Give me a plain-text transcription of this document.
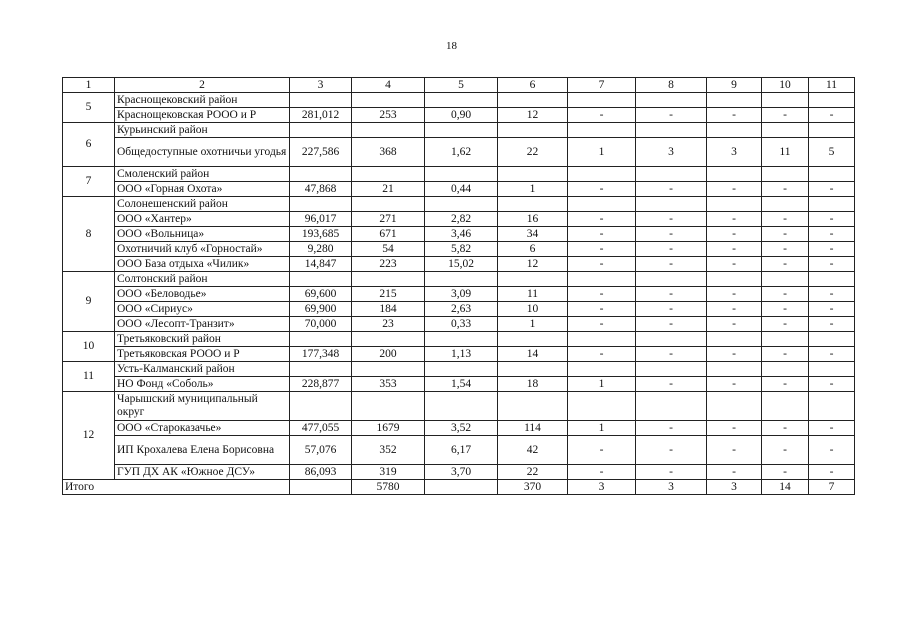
18
1	2	3	4	5	6	7	8	9	10	11
5	Краснощековский район									
	Краснощековская РОOO и Р	281,012	253	0,90	12	-	-	-	-	-
6	Курьинский район									
	Общедоступные охотничьи угодья	227,586	368	1,62	22	1	3	3	11	5
7	Смоленский район									
	ООО «Горная Охота»	47,868	21	0,44	1	-	-	-	-	-
8	Солонешенский район									
	ООО «Хантер»	96,017	271	2,82	16	-	-	-	-	-
	ООО «Вольница»	193,685	671	3,46	34	-	-	-	-	-
	Охотничий клуб «Горностай»	9,280	54	5,82	6	-	-	-	-	-
	ООО База отдыха «Чилик»	14,847	223	15,02	12	-	-	-	-	-
9	Солтонский район									
	ООО «Беловодье»	69,600	215	3,09	11	-	-	-	-	-
	ООО «Сириус»	69,900	184	2,63	10	-	-	-	-	-
	ООО «Лесопт-Транзит»	70,000	23	0,33	1	-	-	-	-	-
10	Третьяковский район									
	Третьяковская РОOO и Р	177,348	200	1,13	14	-	-	-	-	-
11	Усть-Калманский район									
	НО Фонд «Соболь»	228,877	353	1,54	18	1	-	-	-	-
12	Чарышский муниципальный округ									
	ООО «Староказачье»	477,055	1679	3,52	114	1	-	-	-	-
	ИП Крохалева Елена Борисовна	57,076	352	6,17	42	-	-	-	-	-
	ГУП ДХ АК «Южное ДСУ»	86,093	319	3,70	22	-	-	-	-	-
Итого			5780		370	3	3	3	14	7
